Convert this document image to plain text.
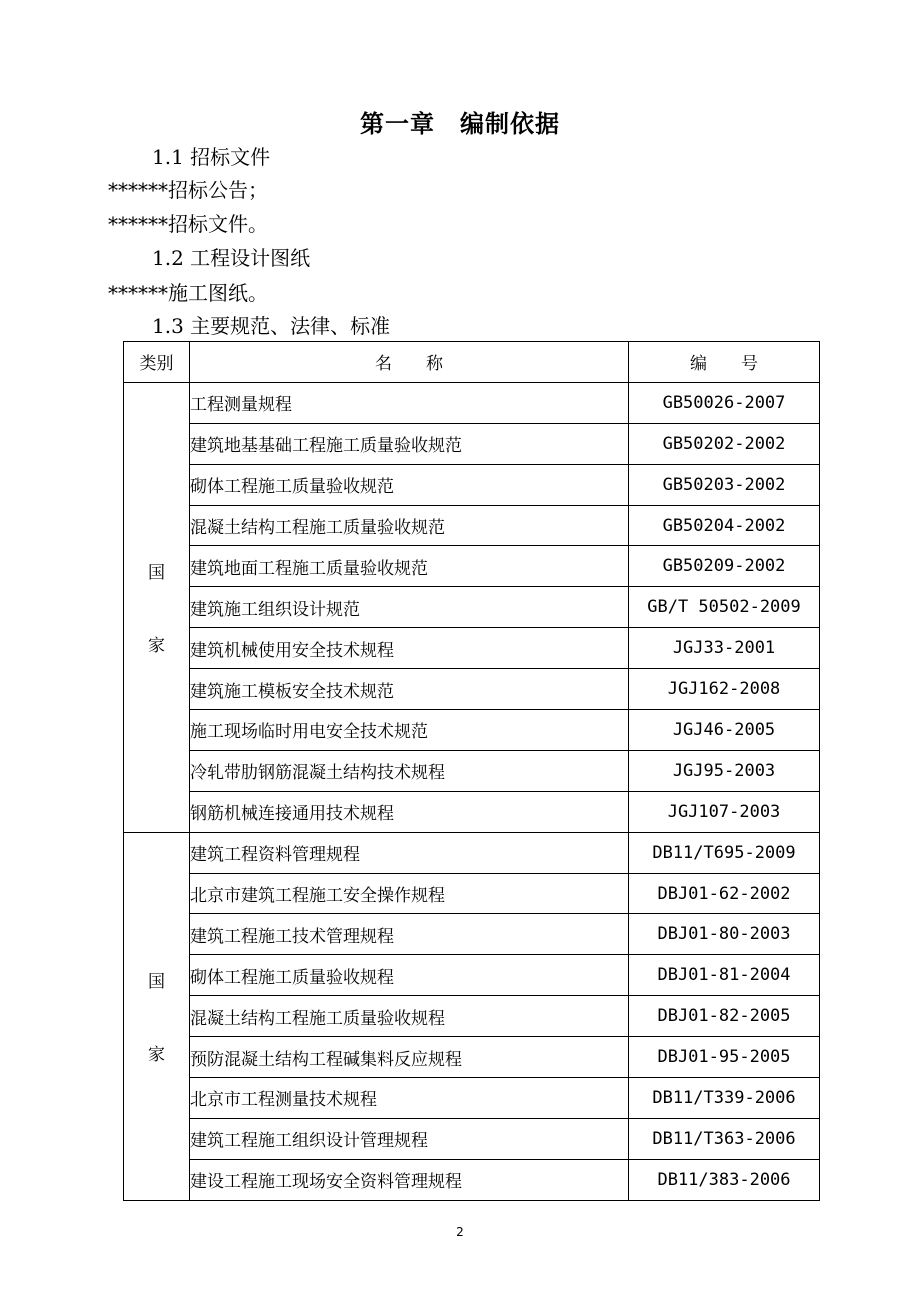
第一章　编制依据

1.1 招标文件

******招标公告；

******招标文件。

1.2 工程设计图纸

******施工图纸。

1.3 主要规范、法律、标准

类别	名　　称	编　　号

国
家	工程测量规程	GB50026-2007
	建筑地基基础工程施工质量验收规范	GB50202-2002
	砌体工程施工质量验收规范	GB50203-2002
	混凝土结构工程施工质量验收规范	GB50204-2002
	建筑地面工程施工质量验收规范	GB50209-2002
	建筑施工组织设计规范	GB/T 50502-2009
	建筑机械使用安全技术规程	JGJ33-2001
	建筑施工模板安全技术规范	JGJ162-2008
	施工现场临时用电安全技术规范	JGJ46-2005
	冷轧带肋钢筋混凝土结构技术规程	JGJ95-2003
	钢筋机械连接通用技术规程	JGJ107-2003

国
家	建筑工程资料管理规程	DB11/T695-2009
	北京市建筑工程施工安全操作规程	DBJ01-62-2002
	建筑工程施工技术管理规程	DBJ01-80-2003
	砌体工程施工质量验收规程	DBJ01-81-2004
	混凝土结构工程施工质量验收规程	DBJ01-82-2005
	预防混凝土结构工程碱集料反应规程	DBJ01-95-2005
	北京市工程测量技术规程	DB11/T339-2006
	建筑工程施工组织设计管理规程	DB11/T363-2006
	建设工程施工现场安全资料管理规程	DB11/383-2006
2
